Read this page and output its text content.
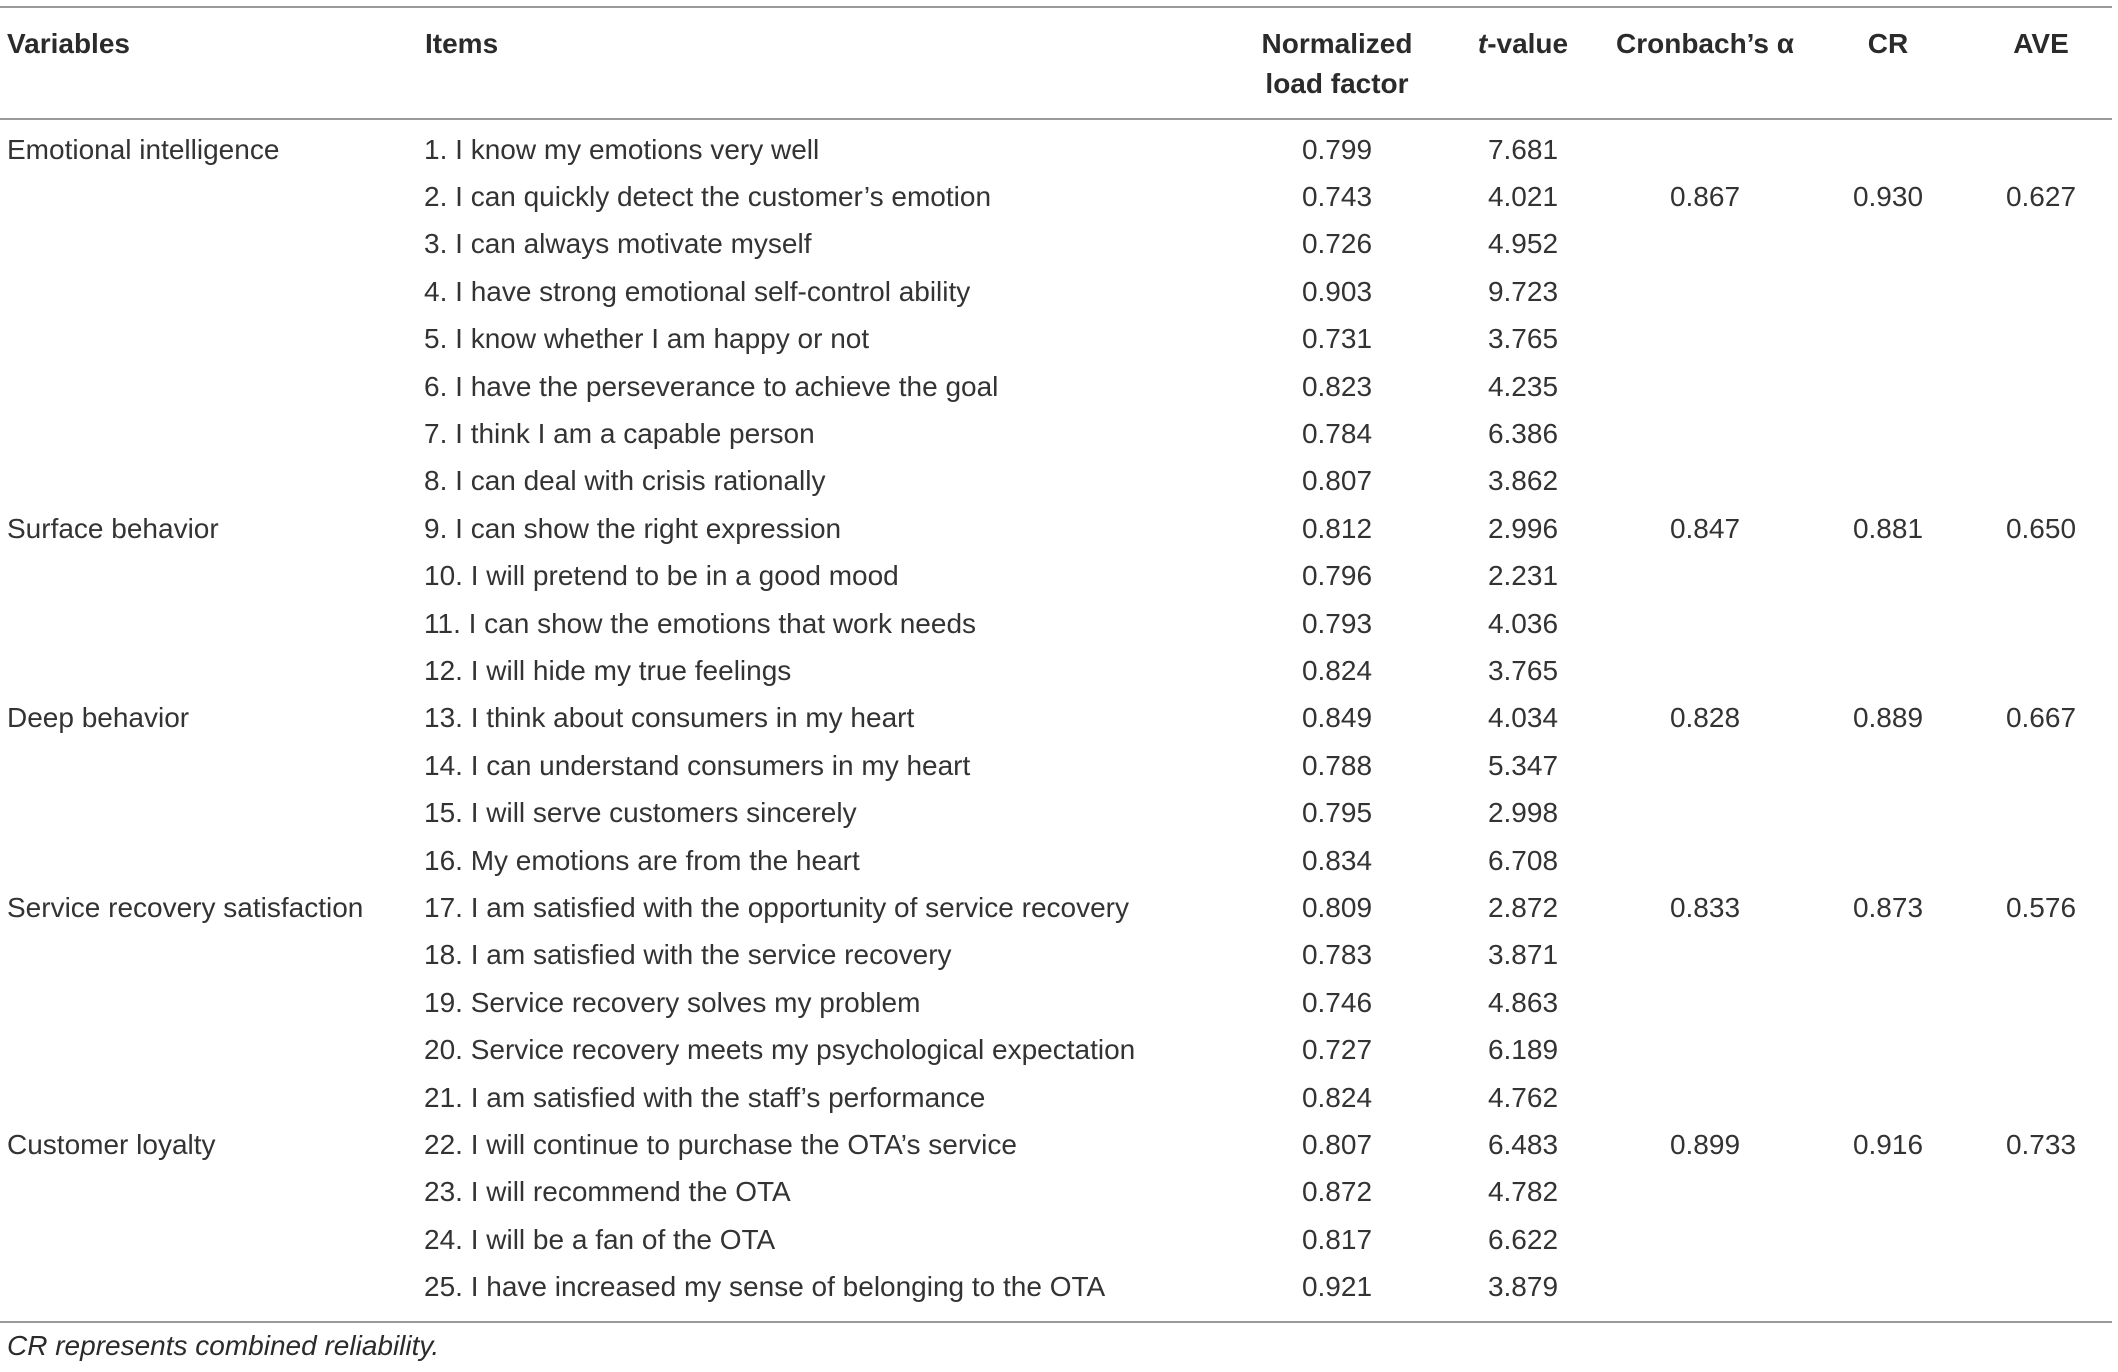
Variables	Items	Normalized load factor	t-value	Cronbach’s α	CR	AVE
Emotional intelligence	1. I know my emotions very well	0.799	7.681			
	2. I can quickly detect the customer’s emotion	0.743	4.021	0.867	0.930	0.627
	3. I can always motivate myself	0.726	4.952			
	4. I have strong emotional self-control ability	0.903	9.723			
	5. I know whether I am happy or not	0.731	3.765			
	6. I have the perseverance to achieve the goal	0.823	4.235			
	7. I think I am a capable person	0.784	6.386			
	8. I can deal with crisis rationally	0.807	3.862			
Surface behavior	9. I can show the right expression	0.812	2.996	0.847	0.881	0.650
	10. I will pretend to be in a good mood	0.796	2.231			
	11. I can show the emotions that work needs	0.793	4.036			
	12. I will hide my true feelings	0.824	3.765			
Deep behavior	13. I think about consumers in my heart	0.849	4.034	0.828	0.889	0.667
	14. I can understand consumers in my heart	0.788	5.347			
	15. I will serve customers sincerely	0.795	2.998			
	16. My emotions are from the heart	0.834	6.708			
Service recovery satisfaction	17. I am satisfied with the opportunity of service recovery	0.809	2.872	0.833	0.873	0.576
	18. I am satisfied with the service recovery	0.783	3.871			
	19. Service recovery solves my problem	0.746	4.863			
	20. Service recovery meets my psychological expectation	0.727	6.189			
	21. I am satisfied with the staff’s performance	0.824	4.762			
Customer loyalty	22. I will continue to purchase the OTA’s service	0.807	6.483	0.899	0.916	0.733
	23. I will recommend the OTA	0.872	4.782			
	24. I will be a fan of the OTA	0.817	6.622			
	25. I have increased my sense of belonging to the OTA	0.921	3.879			
CR represents combined reliability.
